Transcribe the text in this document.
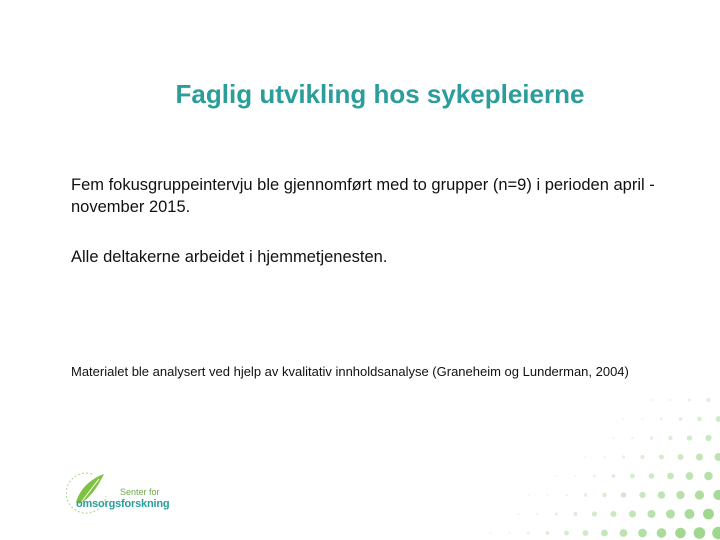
Faglig utvikling hos sykepleierne
Fem fokusgruppeintervju ble gjennomført med to grupper (n=9) i perioden april -november 2015.
Alle deltakerne arbeidet i hjemmetjenesten.
Materialet ble analysert ved hjelp av kvalitativ innholdsanalyse (Graneheim og Lunderman, 2004)
Senter for
omsorgsforskning
